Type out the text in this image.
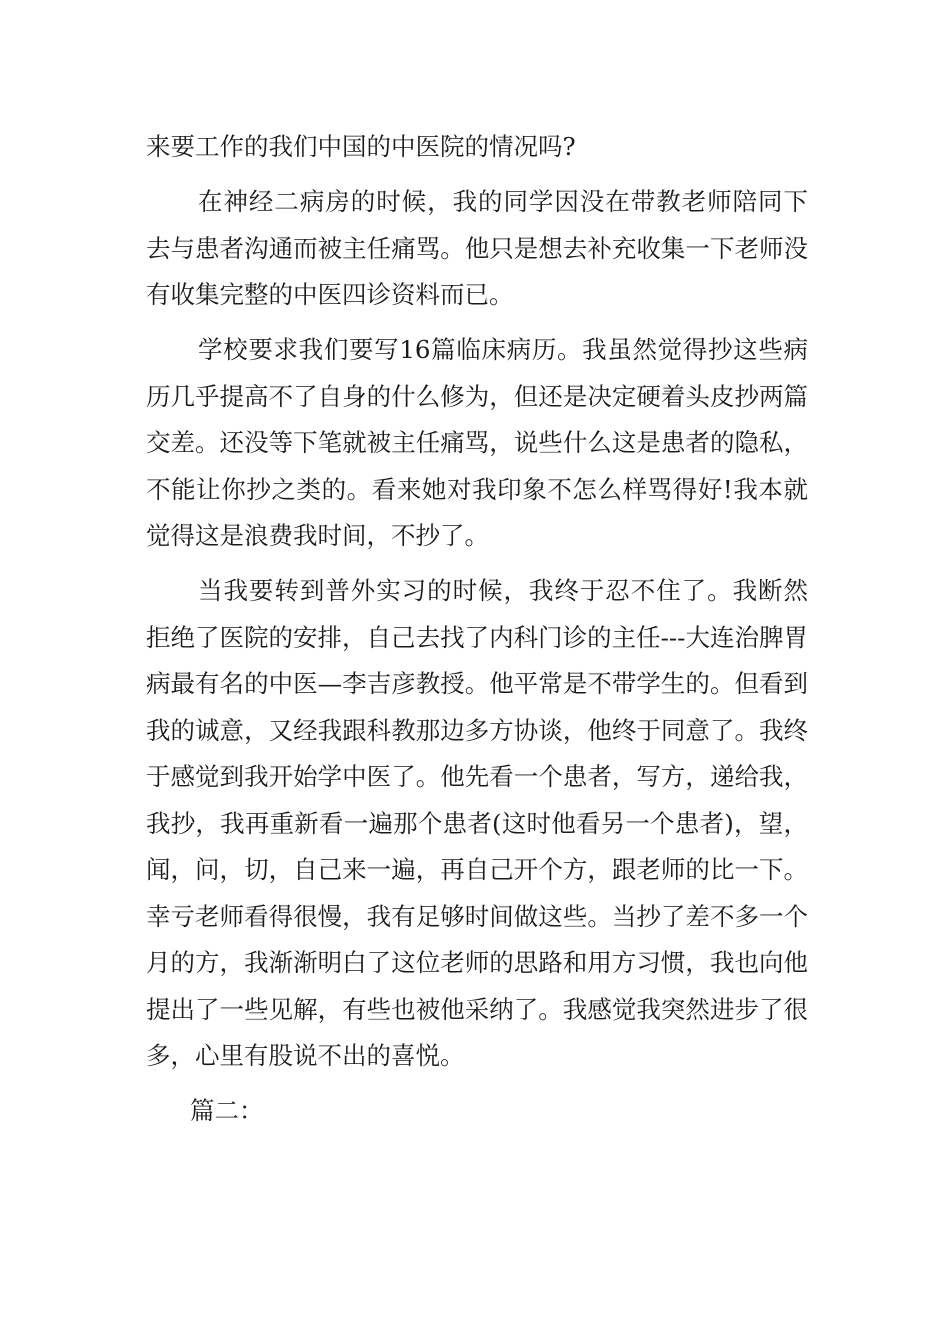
来要工作的我们中国的中医院的情况吗?

在神经二病房的时候，我的同学因没在带教老师陪同下去与患者沟通而被主任痛骂。他只是想去补充收集一下老师没有收集完整的中医四诊资料而已。

学校要求我们要写16篇临床病历。我虽然觉得抄这些病历几乎提高不了自身的什么修为，但还是决定硬着头皮抄两篇交差。还没等下笔就被主任痛骂，说些什么这是患者的隐私，不能让你抄之类的。看来她对我印象不怎么样骂得好!我本就觉得这是浪费我时间，不抄了。

当我要转到普外实习的时候，我终于忍不住了。我断然拒绝了医院的安排，自己去找了内科门诊的主任---大连治脾胃病最有名的中医—李吉彦教授。他平常是不带学生的。但看到我的诚意，又经我跟科教那边多方协谈，他终于同意了。我终于感觉到我开始学中医了。他先看一个患者，写方，递给我，我抄，我再重新看一遍那个患者(这时他看另一个患者)，望，闻，问，切，自己来一遍，再自己开个方，跟老师的比一下。幸亏老师看得很慢，我有足够时间做这些。当抄了差不多一个月的方，我渐渐明白了这位老师的思路和用方习惯，我也向他提出了一些见解，有些也被他采纳了。我感觉我突然进步了很多，心里有股说不出的喜悦。

篇二：
